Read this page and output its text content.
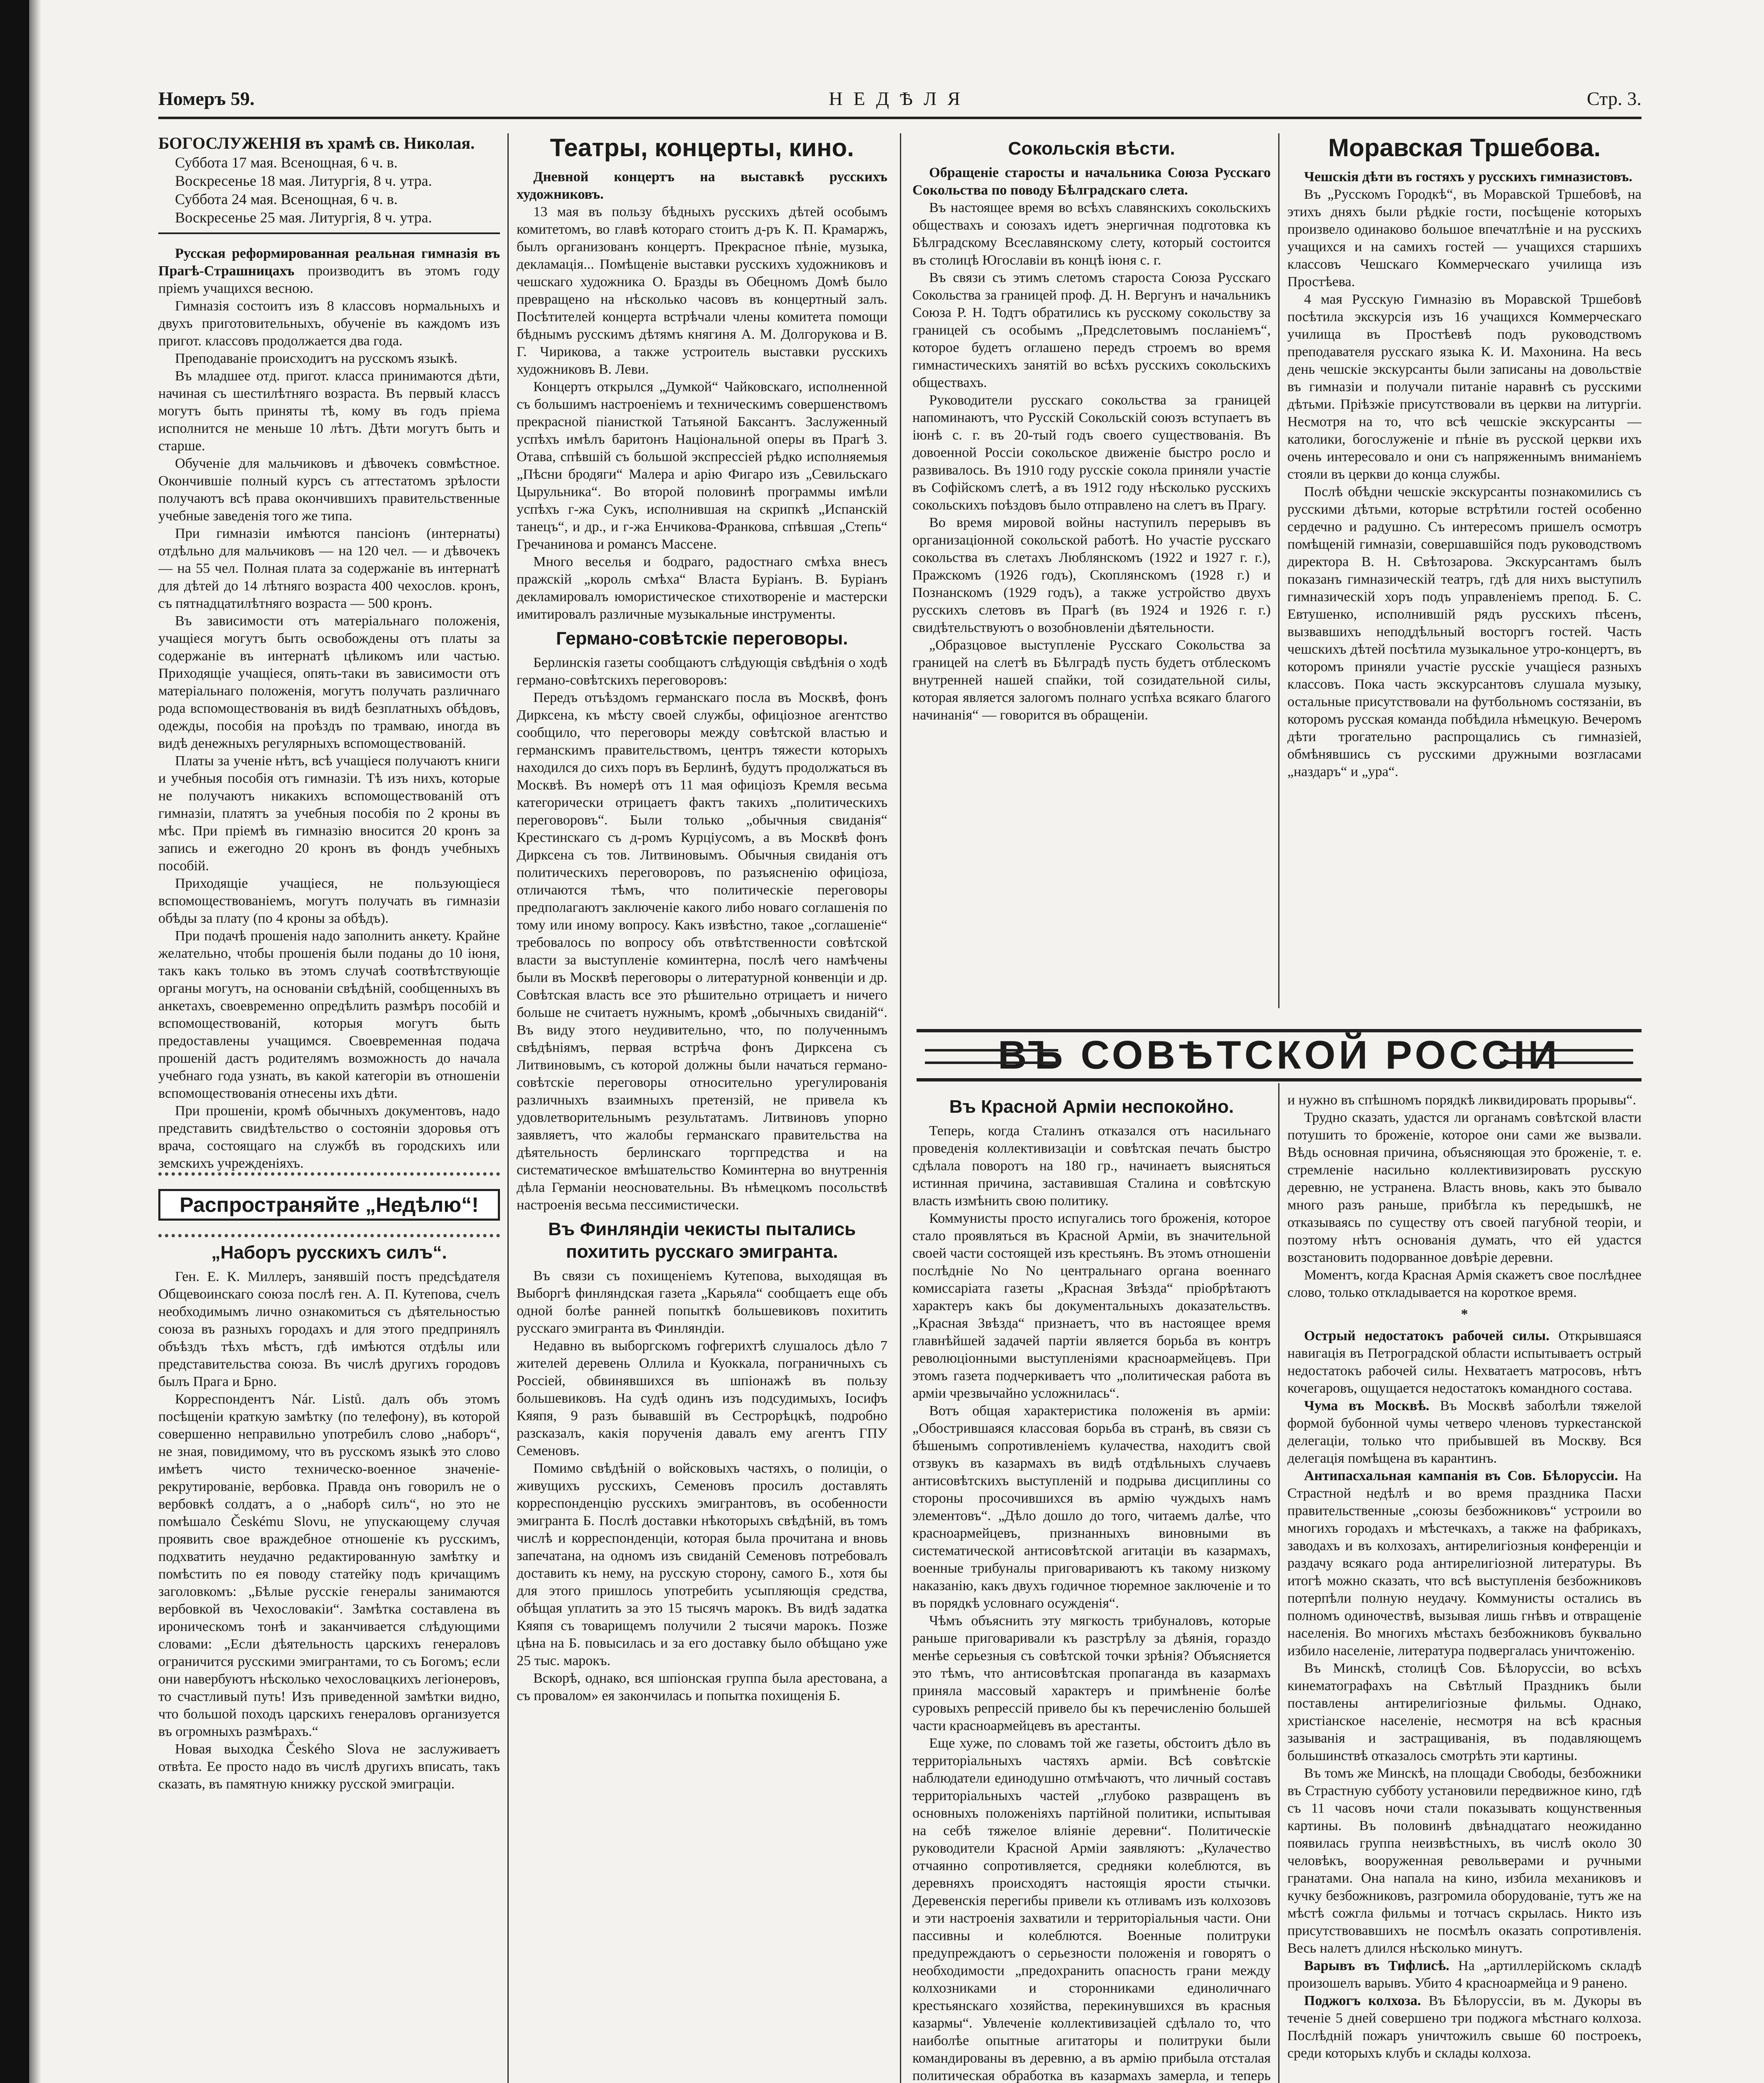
Номеръ 59.	НЕДѢЛЯ	Стр. 3.
БОГОСЛУЖЕНІЯ въ храмѣ св. Николая.
Суббота 17 мая. Всенощная, 6 ч. в.
Воскресенье 18 мая. Литургія, 8 ч. утра.
Суббота 24 мая. Всенощная, 6 ч. в.
Воскресенье 25 мая. Литургія, 8 ч. утра.

Русская реформированная реальная гимназія въ Прагѣ-Страшницахъ производитъ въ этомъ году пріемъ учащихся весною.

Гимназія состоитъ изъ 8 классовъ нормальныхъ и двухъ приготовительныхъ, обученіе въ каждомъ изъ пригот. классовъ продолжается два года.

Преподаваніе происходитъ на русскомъ языкѣ.

Въ младшее отд. пригот. класса принимаются дѣти, начиная съ шестилѣтняго возраста. Въ первый классъ могутъ быть приняты тѣ, кому въ годъ пріема исполнится не меньше 10 лѣтъ. Дѣти могутъ быть и старше.

Обученіе для мальчиковъ и дѣвочекъ совмѣстное. Окончившіе полный курсъ съ аттестатомъ зрѣлости получаютъ всѣ права окончившихъ правительственные учебные заведенія того же типа.

При гимназіи имѣются пансіонъ (интернаты) отдѣльно для мальчиковъ — на 120 чел. — и дѣвочекъ — на 55 чел. Полная плата за содержаніе въ интернатѣ для дѣтей до 14 лѣтняго возраста 400 чехослов. кронъ, съ пятнадцатилѣтняго возраста — 500 кронъ.

Въ зависимости отъ матеріальнаго положенія, учащіеся могутъ быть освобождены отъ платы за содержаніе въ интернатѣ цѣликомъ или частью. Приходящіе учащіеся, опять-таки въ зависимости отъ матеріальнаго положенія, могутъ получать различнаго рода вспомоществованія въ видѣ безплатныхъ обѣдовъ, одежды, пособія на проѣздъ по трамваю, иногда въ видѣ денежныхъ регулярныхъ вспомоществованій.

Платы за ученіе нѣтъ, всѣ учащіеся получаютъ книги и учебныя пособія отъ гимназіи. Тѣ изъ нихъ, которые не получаютъ никакихъ вспомоществованій отъ гимназіи, платятъ за учебныя пособія по 2 кроны въ мѣс. При пріемѣ въ гимназію вносится 20 кронъ за запись и ежегодно 20 кронъ въ фондъ учебныхъ пособій.

Приходящіе учащіеся, не пользующіеся вспомоществованіемъ, могутъ получать въ гимназіи обѣды за плату (по 4 кроны за обѣдъ).

При подачѣ прошенія надо заполнить анкету. Крайне желательно, чтобы прошенія были поданы до 10 іюня, такъ какъ только въ этомъ случаѣ соотвѣтствующіе органы могутъ, на основаніи свѣдѣній, сообщенныхъ въ анкетахъ, своевременно опредѣлить размѣръ пособій и вспомоществованій, которыя могутъ быть предоставлены учащимся. Своевременная подача прошеній дастъ родителямъ возможность до начала учебнаго года узнать, въ какой категоріи въ отношеніи вспомоществованія отнесены ихъ дѣти.

При прошеніи, кромѣ обычныхъ документовъ, надо представить свидѣтельство о состояніи здоровья отъ врача, состоящаго на службѣ въ городскихъ или земскихъ учрежденіяхъ.

Распространяйте „Недѣлю“!
„Наборъ русскихъ силъ“.

Ген. Е. К. Миллеръ, занявшій постъ предсѣдателя Общевоинскаго союза послѣ ген. А. П. Кутепова, счелъ необходимымъ лично ознакомиться съ дѣятельностью союза въ разныхъ городахъ и для этого предпринялъ объѣздъ тѣхъ мѣстъ, гдѣ имѣются отдѣлы или представительства союза. Въ числѣ другихъ городовъ былъ Прага и Брно.

Корреспондентъ Nár. Listů. далъ объ этомъ посѣщеніи краткую замѣтку (по телефону), въ которой совершенно неправильно употребилъ слово „наборъ“, не зная, повидимому, что въ русскомъ языкѣ это слово имѣетъ чисто техническо-военное значеніе-рекрутированіе, вербовка. Правда онъ говорилъ не о вербовкѣ солдатъ, а о „наборѣ силъ“, но это не помѣшало Českému Slovu, не упускающему случая проявить свое враждебное отношеніе къ русскимъ, подхватить неудачно редактированную замѣтку и помѣстить по ея поводу статейку подъ кричащимъ заголовкомъ: „Бѣлые русскіе генералы занимаются вербовкой въ Чехословакіи“. Замѣтка составлена въ ироническомъ тонѣ и заканчивается слѣдующими словами: „Если дѣятельность царскихъ генераловъ ограничится русскими эмигрантами, то съ Богомъ; если они навербуютъ нѣсколько чехословацкихъ легіонеровъ, то счастливый путь! Изъ приведенной замѣтки видно, что большой походъ царскихъ генераловъ организуется въ огромныхъ размѣрахъ.“

Новая выходка Českého Slova не заслуживаетъ отвѣта. Ее просто надо въ числѣ другихъ вписать, такъ сказать, въ памятную книжку русской эмиграціи.

Театры, концерты, кино.

Дневной концертъ на выставкѣ русскихъ художниковъ.

13 мая въ пользу бѣдныхъ русскихъ дѣтей особымъ комитетомъ, во главѣ котораго стоитъ д-ръ К. П. Крамаржъ, былъ организованъ концертъ. Прекрасное пѣніе, музыка, декламація... Помѣщеніе выставки русскихъ художниковъ и чешскаго художника О. Бразды въ Обецномъ Домѣ было превращено на нѣсколько часовъ въ концертный залъ. Посѣтителей концерта встрѣчали члены комитета помощи бѣднымъ русскимъ дѣтямъ княгиня А. М. Долгорукова и В. Г. Чирикова, а также устроитель выставки русскихъ художниковъ В. Леви.

Концертъ открылся „Думкой“ Чайковскаго, исполненной съ большимъ настроеніемъ и техническимъ совершенствомъ прекрасной піанисткой Татьяной Баксантъ. Заслуженный успѣхъ имѣлъ баритонъ Національной оперы въ Прагѣ 3. Отава, спѣвшій съ большой экспрессіей рѣдко исполняемыя „Пѣсни бродяги“ Малера и арію Фигаро изъ „Севильскаго Цырульника“. Во второй половинѣ программы имѣли успѣхъ г-жа Сукъ, исполнившая на скрипкѣ „Испанскій танецъ“, и др., и г-жа Енчикова-Франкова, спѣвшая „Степь“ Гречанинова и романсъ Массене.

Много веселья и бодраго, радостнаго смѣха внесъ пражскій „король смѣха“ Власта Буріанъ. В. Буріанъ декламировалъ юмористическое стихотвореніе и мастерски имитировалъ различные музыкальные инструменты.

Германо-совѣтскіе переговоры.

Берлинскія газеты сообщаютъ слѣдующія свѣдѣнія о ходѣ германо-совѣтскихъ переговоровъ:

Передъ отъѣздомъ германскаго посла въ Москвѣ, фонъ Дирксена, къ мѣсту своей службы, офиціозное агентство сообщило, что переговоры между совѣтской властью и германскимъ правительствомъ, центръ тяжести которыхъ находился до сихъ поръ въ Берлинѣ, будутъ продолжаться въ Москвѣ. Въ номерѣ отъ 11 мая офиціозъ Кремля весьма категорически отрицаетъ фактъ такихъ „политическихъ переговоровъ“. Были только „обычныя свиданія“ Крестинскаго съ д-ромъ Курціусомъ, а въ Москвѣ фонъ Дирксена съ тов. Литвиновымъ. Обычныя свиданія отъ политическихъ переговоровъ, по разъясненію офиціоза, отличаются тѣмъ, что политическіе переговоры предполагаютъ заключеніе какого либо новаго соглашенія по тому или иному вопросу. Какъ извѣстно, такое „соглашеніе“ требовалось по вопросу объ отвѣтственности совѣтской власти за выступленіе коминтерна, послѣ чего намѣчены были въ Москвѣ переговоры о литературной конвенціи и др. Совѣтская власть все это рѣшительно отрицаетъ и ничего больше не считаетъ нужнымъ, кромѣ „обычныхъ свиданій“. Въ виду этого неудивительно, что, по полученнымъ свѣдѣніямъ, первая встрѣча фонъ Дирксена съ Литвиновымъ, съ которой должны были начаться германо-совѣтскіе переговоры относительно урегулированія различныхъ взаимныхъ претензій, не привела къ удовлетворительнымъ результатамъ. Литвиновъ упорно заявляетъ, что жалобы германскаго правительства на дѣятельность берлинскаго торгпредства и на систематическое вмѣшательство Коминтерна во внутреннія дѣла Германіи неосновательны. Въ нѣмецкомъ посольствѣ настроенія весьма пессимистически.

Въ Финляндіи чекисты пытались похитить русскаго эмигранта.

Въ связи съ похищеніемъ Кутепова, выходящая въ Выборгѣ финляндская газета „Карьяла“ сообщаетъ еще объ одной болѣе ранней попыткѣ большевиковъ похитить русскаго эмигранта въ Финляндіи.

Недавно въ выборгскомъ гофгерихтѣ слушалось дѣло 7 жителей деревень Оллила и Куоккала, пограничныхъ съ Россіей, обвинявшихся въ шпіонажѣ въ пользу большевиковъ. На судѣ одинъ изъ подсудимыхъ, Іосифъ Кяяпя, 9 разъ бывавшій въ Сестрорѣцкѣ, подробно разсказалъ, какія порученія давалъ ему агентъ ГПУ Семеновъ.

Помимо свѣдѣній о войсковыхъ частяхъ, о полиціи, о живущихъ русскихъ, Семеновъ просилъ доставлять корреспонденцію русскихъ эмигрантовъ, въ особенности эмигранта Б. Послѣ доставки нѣкоторыхъ свѣдѣній, въ томъ числѣ и корреспонденціи, которая была прочитана и вновь запечатана, на одномъ изъ свиданій Семеновъ потребовалъ доставить къ нему, на русскую сторону, самого Б., хотя бы для этого пришлось употребить усыпляющія средства, обѣщая уплатить за это 15 тысячъ марокъ. Въ видѣ задатка Кяяпя съ товарищемъ получили 2 тысячи марокъ. Позже цѣна на Б. повысилась и за его доставку было обѣщано уже 25 тыс. марокъ.

Вскорѣ, однако, вся шпіонская группа была арестована, а съ провалом» ея закончилась и попытка похищенія Б.

Сокольскія вѣсти.

Обращеніе старосты и начальника Союза Русскаго Сокольства по поводу Бѣлградскаго слета.

Въ настоящее время во всѣхъ славянскихъ сокольскихъ обществахъ и союзахъ идетъ энергичная подготовка къ Бѣлградскому Всеславянскому слету, который состоится въ столицѣ Югославіи въ концѣ іюня с. г.

Въ связи съ этимъ слетомъ староста Союза Русскаго Сокольства за границей проф. Д. Н. Вергунъ и начальникъ Союза Р. Н. Тодтъ обратились къ русскому сокольству за границей съ особымъ „Предслетовымъ посланіемъ“, которое будетъ оглашено передъ строемъ во время гимнастическихъ занятій во всѣхъ русскихъ сокольскихъ обществахъ.

Руководители русскаго сокольства за границей напоминаютъ, что Русскій Сокольскій союзъ вступаетъ въ іюнѣ с. г. въ 20-тый годъ своего существованія. Въ довоенной Россіи сокольское движеніе быстро росло и развивалось. Въ 1910 году русскіе сокола приняли участіе въ Софійскомъ слетѣ, а въ 1912 году нѣсколько русскихъ сокольскихъ поѣздовъ было отправлено на слетъ въ Прагу.

Во время мировой войны наступилъ перерывъ въ организаціонной сокольской работѣ. Но участіе русскаго сокольства въ слетахъ Люблянскомъ (1922 и 1927 г. г.), Пражскомъ (1926 годъ), Скоплянскомъ (1928 г.) и Познанскомъ (1929 годъ), а также устройство двухъ русскихъ слетовъ въ Прагѣ (въ 1924 и 1926 г. г.) свидѣтельствуютъ о возобновленіи дѣятельности.

„Образцовое выступленіе Русскаго Сокольства за границей на слетѣ въ Бѣлградѣ пусть будетъ отблескомъ внутренней нашей спайки, той созидательной силы, которая является залогомъ полнаго успѣха всякаго благого начинанія“ — говорится въ обращеніи.

Моравская Тршебова.

Чешскія дѣти въ гостяхъ у русскихъ гимназистовъ.

Въ „Русскомъ Городкѣ“, въ Моравской Тршебовѣ, на этихъ дняхъ были рѣдкіе гости, посѣщеніе которыхъ произвело одинаково большое впечатлѣніе и на русскихъ учащихся и на самихъ гостей — учащихся старшихъ классовъ Чешскаго Коммерческаго училища изъ Простѣева.

4 мая Русскую Гимназію въ Моравской Тршебовѣ посѣтила экскурсія изъ 16 учащихся Коммерческаго училища въ Простѣевѣ подъ руководствомъ преподавателя русскаго языка К. И. Махонина. На весь день чешскіе экскурсанты были записаны на довольствіе въ гимназіи и получали питаніе наравнѣ съ русскими дѣтьми. Пріѣзжіе присутствовали въ церкви на литургіи. Несмотря на то, что всѣ чешскіе экскурсанты — католики, богослуженіе и пѣніе въ русской церкви ихъ очень интересовало и они съ напряженнымъ вниманіемъ стояли въ церкви до конца службы.

Послѣ обѣдни чешскіе экскурсанты познакомились съ русскими дѣтьми, которые встрѣтили гостей особенно сердечно и радушно. Съ интересомъ пришелъ осмотръ помѣщеній гимназіи, совершавшійся подъ руководствомъ директора В. Н. Свѣтозарова. Экскурсантамъ былъ показанъ гимназическій театръ, гдѣ для нихъ выступилъ гимназическій хоръ подъ управленіемъ препод. Б. С. Евтушенко, исполнившій рядъ русскихъ пѣсенъ, вызвавшихъ неподдѣльный восторгъ гостей. Часть чешскихъ дѣтей посѣтила музыкальное утро-концертъ, въ которомъ приняли участіе русскіе учащіеся разныхъ классовъ. Пока часть экскурсантовъ слушала музыку, остальные присутствовали на футбольномъ состязаніи, въ которомъ русская команда побѣдила нѣмецкую. Вечеромъ дѣти трогательно распрощались съ гимназіей, обмѣнявшись съ русскими дружными возгласами „наздаръ“ и „ура“.

ВЪ СОВѢТСКОЙ РОССІИ
Въ Красной Арміи неспокойно.

Теперь, когда Сталинъ отказался отъ насильнаго проведенія коллективизаціи и совѣтская печать быстро сдѣлала поворотъ на 180 гр., начинаетъ выясняться истинная причина, заставившая Сталина и совѣтскую власть измѣнить свою политику.

Коммунисты просто испугались того броженія, которое стало проявляться въ Красной Арміи, въ значительной своей части состоящей изъ крестьянъ. Въ этомъ отношеніи послѣдніе No No центральнаго органа военнаго комиссаріата газеты „Красная Звѣзда“ пріобрѣтаютъ характеръ какъ бы документальныхъ доказательствъ. „Красная Звѣзда“ признаетъ, что въ настоящее время главнѣйшей задачей партіи является борьба въ контръ революціонными выступленіями красноармейцевъ. При этомъ газета подчеркиваетъ что „политическая работа въ арміи чрезвычайно усложнилась“.

Вотъ общая характеристика положенія въ арміи: „Обострившаяся классовая борьба въ странѣ, въ связи съ бѣшенымъ сопротивленіемъ кулачества, находитъ свой отзвукъ въ казармахъ въ видѣ отдѣльныхъ случаевъ антисовѣтскихъ выступленій и подрыва дисциплины со стороны просочившихся въ армію чуждыхъ намъ элементовъ“. „Дѣло дошло до того, читаемъ далѣе, что красноармейцевъ, признанныхъ виновными въ систематической антисовѣтской агитаціи въ казармахъ, военные трибуналы приговариваютъ къ такому низкому наказанію, какъ двухъ годичное тюремное заключеніе и то въ порядкѣ условнаго осужденія“.

Чѣмъ объяснить эту мягкость трибуналовъ, которые раньше приговаривали къ разстрѣлу за дѣянія, гораздо менѣе серьезныя съ совѣтской точки зрѣнія? Объясняется это тѣмъ, что антисовѣтская пропаганда въ казармахъ приняла массовый характеръ и примѣненіе болѣе суровыхъ репрессій привело бы къ перечисленію большей части красноармейцевъ въ арестанты.

Еще хуже, по словамъ той же газеты, обстоитъ дѣло въ территоріальныхъ частяхъ арміи. Всѣ совѣтскіе наблюдатели единодушно отмѣчаютъ, что личный составъ территоріальныхъ частей „глубоко развращенъ въ основныхъ положеніяхъ партійной политики, испытывая на себѣ тяжелое вліяніе деревни“. Политическіе руководители Красной Арміи заявляютъ: „Кулачество отчаянно сопротивляется, средняки колеблются, въ деревняхъ происходятъ настоящія ярости стычки. Деревенскія перегибы привели къ отливамъ изъ колхозовъ и эти настроенія захватили и территоріальныя части. Они пассивны и колеблются. Военные политруки предупреждаютъ о серьезности положенія и говорятъ о необходимости „предохранить опасность грани между колхозниками и сторонниками единоличнаго крестьянскаго хозяйства, перекинувшихся въ красныя казармы“. Увлеченіе коллективизаціей сдѣлало то, что наиболѣе опытные агитаторы и политруки были командированы въ деревню, а въ армію прибыла отсталая политическая обработка въ казармахъ замерла, и теперь

и нужно въ спѣшномъ порядкѣ ликвидировать прорывы“.

Трудно сказать, удастся ли органамъ совѣтской власти потушить то броженіе, которое они сами же вызвали. Вѣдь основная причина, объясняющая это броженіе, т. е. стремленіе насильно коллективизировать русскую деревню, не устранена. Власть вновь, какъ это бывало много разъ раньше, прибѣгла къ передышкѣ, не отказываясь по существу отъ своей пагубной теоріи, и поэтому нѣтъ основанія думать, что ей удастся возстановить подорванное довѣріе деревни.

Моментъ, когда Красная Армія скажетъ свое послѣднее слово, только откладывается на короткое время.

*

Острый недостатокъ рабочей силы. Открывшаяся навигація въ Петроградской области испытываетъ острый недостатокъ рабочей силы. Нехватаетъ матросовъ, нѣтъ кочегаровъ, ощущается недостатокъ командного состава.

Чума въ Москвѣ. Въ Москвѣ заболѣли тяжелой формой бубонной чумы четверо членовъ туркестанской делегаціи, только что прибывшей въ Москву. Вся делегація помѣщена въ карантинъ.

Антипасхальная кампанія въ Сов. Бѣлоруссіи. На Страстной недѣлѣ и во время праздника Пасхи правительственные „союзы безбожниковъ“ устроили во многихъ городахъ и мѣстечкахъ, а также на фабрикахъ, заводахъ и въ колхозахъ, антирелигіозныя конференціи и раздачу всякаго рода антирелигіозной литературы. Въ итогѣ можно сказать, что всѣ выступленія безбожниковъ потерпѣли полную неудачу. Коммунисты остались въ полномъ одиночествѣ, вызывая лишь гнѣвъ и отвращеніе населенія. Во многихъ мѣстахъ безбожниковъ буквально избило населеніе, литература подвергалась уничтоженію.

Въ Минскѣ, столицѣ Сов. Бѣлоруссіи, во всѣхъ кинематографахъ на Свѣтлый Праздникъ были поставлены антирелигіозные фильмы. Однако, христіанское населеніе, несмотря на всѣ красныя зазыванія и застращиванія, въ подавляющемъ большинствѣ отказалось смотрѣть эти картины.

Въ томъ же Минскѣ, на площади Свободы, безбожники въ Страстную субботу установили передвижное кино, гдѣ съ 11 часовъ ночи стали показывать кощунственныя картины. Въ половинѣ двѣнадцатаго неожиданно появилась группа неизвѣстныхъ, въ числѣ около 30 человѣкъ, вооруженная револьверами и ручными гранатами. Она напала на кино, избила механиковъ и кучку безбожниковъ, разгромила оборудованіе, тутъ же на мѣстѣ сожгла фильмы и тотчасъ скрылась. Никто изъ присутствовавшихъ не посмѣлъ оказать сопротивленія. Весь налетъ длился нѣсколько минутъ.

Варывъ въ Тифлисѣ. На „артиллерійскомъ складѣ произошелъ варывъ. Убито 4 красноармейца и 9 ранено.

Поджогъ колхоза. Въ Бѣлоруссіи, въ м. Дукоры въ теченіе 5 дней совершено три поджога мѣстнаго колхоза. Послѣдній пожаръ уничтожилъ свыше 60 построекъ, среди которыхъ клубъ и склады колхоза.
